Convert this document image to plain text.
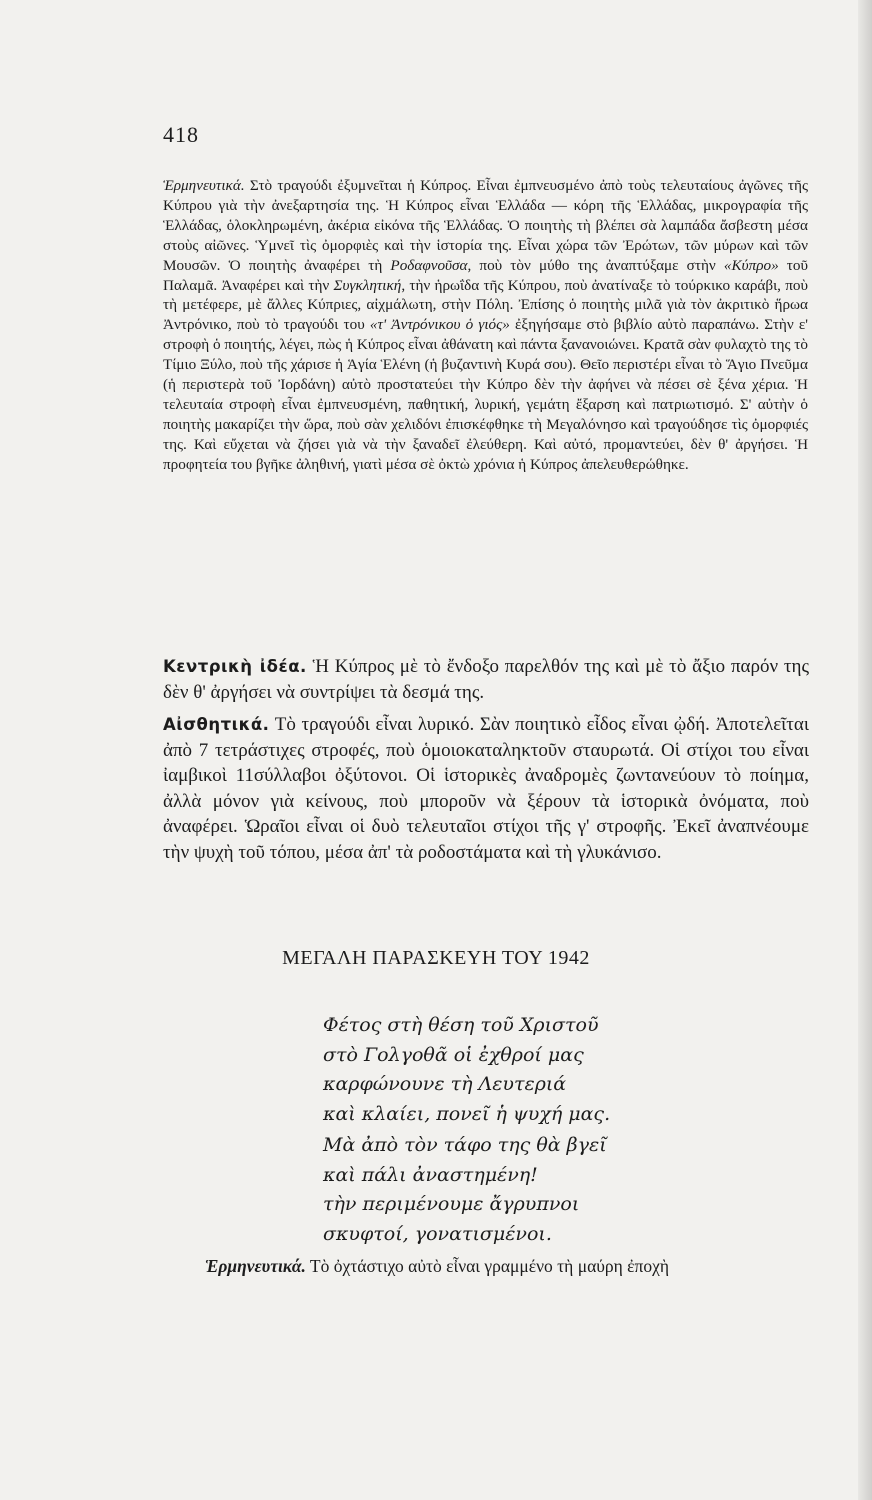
418
Ἑρμηνευτικά. Στὸ τραγούδι ἐξυμνεῖται ἡ Κύπρος. Εἶναι ἐμπνευσμένο ἀπὸ τοὺς τελευταίους ἀγῶνες τῆς Κύπρου γιὰ τὴν ἀνεξαρτησία της. Ἡ Κύπρος εἶναι Ἑλλάδα — κόρη τῆς Ἑλλάδας, μικρογραφία τῆς Ἑλλάδας, ὁλοκληρωμένη, ἀκέρια εἰκόνα τῆς Ἑλλάδας. Ὁ ποιητὴς τὴ βλέπει σὰ λαμπάδα ἄσβεστη μέσα στοὺς αἰῶνες. Ὑμνεῖ τὶς ὀμορφιὲς καὶ τὴν ἱστορία της. Εἶναι χώρα τῶν Ἐρώτων, τῶν μύρων καὶ τῶν Μουσῶν. Ὁ ποιητὴς ἀναφέρει τὴ Ροδαφνοῦσα, ποὺ τὸν μύθο της ἀναπτύξαμε στὴν «Κύπρο» τοῦ Παλαμᾶ. Ἀναφέρει καὶ τὴν Συγκλητική, τὴν ἡρωΐδα τῆς Κύπρου, ποὺ ἀνατίναξε τὸ τούρκικο καράβι, ποὺ τὴ μετέφερε, μὲ ἄλλες Κύπριες, αἰχμάλωτη, στὴν Πόλη. Ἐπίσης ὁ ποιητὴς μιλᾶ γιὰ τὸν ἀκριτικὸ ἥρωα Ἀντρόνικο, ποὺ τὸ τραγούδι του «τ' Ἀντρόνικου ὁ γιός» ἐξηγήσαμε στὸ βιβλίο αὐτὸ παραπάνω. Στὴν ε' στροφὴ ὁ ποιητής, λέγει, πὼς ἡ Κύπρος εἶναι ἀθάνατη καὶ πάντα ξανανοιώνει. Κρατᾶ σὰν φυλαχτὸ της τὸ Τίμιο Ξύλο, ποὺ τῆς χάρισε ἡ Ἁγία Ἑλένη (ἡ βυζαντινὴ Κυρά σου). Θεῖο περιστέρι εἶναι τὸ Ἅγιο Πνεῦμα (ἡ περιστερὰ τοῦ Ἰορδάνη) αὐτὸ προστατεύει τὴν Κύπρο δὲν τὴν ἀφήνει νὰ πέσει σὲ ξένα χέρια. Ἡ τελευταία στροφὴ εἶναι ἐμπνευσμένη, παθητική, λυρική, γεμάτη ἔξαρση καὶ πατριωτισμό. Σ' αὐτὴν ὁ ποιητὴς μακαρίζει τὴν ὥρα, ποὺ σὰν χελιδόνι ἐπισκέφθηκε τὴ Μεγαλόνησο καὶ τραγούδησε τὶς ὀμορφιές της. Καὶ εὔχεται νὰ ζήσει γιὰ νὰ τὴν ξαναδεῖ ἐλεύθερη. Καὶ αὐτό, προμαντεύει, δὲν θ' ἀργήσει. Ἡ προφητεία του βγῆκε ἀληθινή, γιατὶ μέσα σὲ ὀκτὼ χρόνια ἡ Κύπρος ἀπελευθερώθηκε.
Κεντρικὴ ἰδέα. Ἡ Κύπρος μὲ τὸ ἔνδοξο παρελθόν της καὶ μὲ τὸ ἄξιο παρόν της δὲν θ' ἀργήσει νὰ συντρίψει τὰ δεσμά της.
Αἰσθητικά. Τὸ τραγούδι εἶναι λυρικό. Σὰν ποιητικὸ εἶδος εἶναι ᾠδή. Ἀποτελεῖται ἀπὸ 7 τετράστιχες στροφές, ποὺ ὁμοιοκαταληκτοῦν σταυρωτά. Οἱ στίχοι του εἶναι ἰαμβικοὶ 11σύλλαβοι ὀξύτονοι. Οἱ ἱστορικὲς ἀναδρομὲς ζωντανεύουν τὸ ποίημα, ἀλλὰ μόνον γιὰ κείνους, ποὺ μποροῦν νὰ ξέρουν τὰ ἱστορικὰ ὀνόματα, ποὺ ἀναφέρει. Ὡραῖοι εἶναι οἱ δυὸ τελευταῖοι στίχοι τῆς γ' στροφῆς. Ἐκεῖ ἀναπνέουμε τὴν ψυχὴ τοῦ τόπου, μέσα ἀπ' τὰ ροδοστάματα καὶ τὴ γλυκάνισο.
ΜΕΓΑΛΗ ΠΑΡΑΣΚΕΥΗ ΤΟΥ 1942
Φέτος στὴ θέση τοῦ Χριστοῦ
στὸ Γολγοθᾶ οἱ ἐχθροί μας
καρφώνουνε τὴ Λευτεριά
καὶ κλαίει, πονεῖ ἡ ψυχή μας.
Μὰ ἀπὸ τὸν τάφο της θὰ βγεῖ
καὶ πάλι ἀναστημένη!
τὴν περιμένουμε ἄγρυπνοι
σκυφτοί, γονατισμένοι.
Ἑρμηνευτικά. Τὸ ὀχτάστιχο αὐτὸ εἶναι γραμμένο τὴ μαύρη ἐποχὴ
